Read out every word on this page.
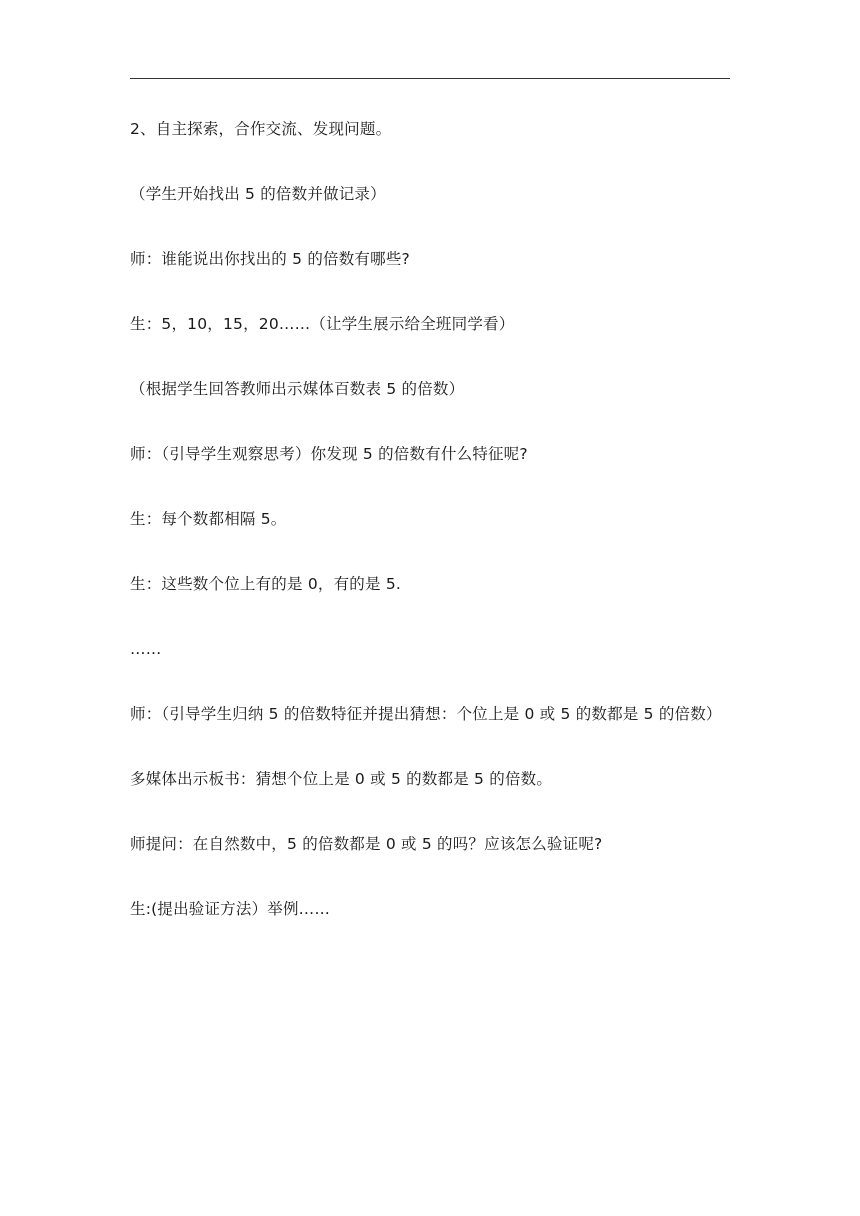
2、自主探索，合作交流、发现问题。

（学生开始找出 5 的倍数并做记录）

师：谁能说出你找出的 5 的倍数有哪些?

生：5，10，15，20……（让学生展示给全班同学看）

（根据学生回答教师出示媒体百数表 5 的倍数）

师：（引导学生观察思考）你发现 5 的倍数有什么特征呢?

生：每个数都相隔 5。

生：这些数个位上有的是 0，有的是 5.

……

师：（引导学生归纳 5 的倍数特征并提出猜想：个位上是 0 或 5 的数都是 5 的倍数）

多媒体出示板书：猜想个位上是 0 或 5 的数都是 5 的倍数。

师提问：在自然数中，5 的倍数都是 0 或 5 的吗？应该怎么验证呢?

生:(提出验证方法）举例……
